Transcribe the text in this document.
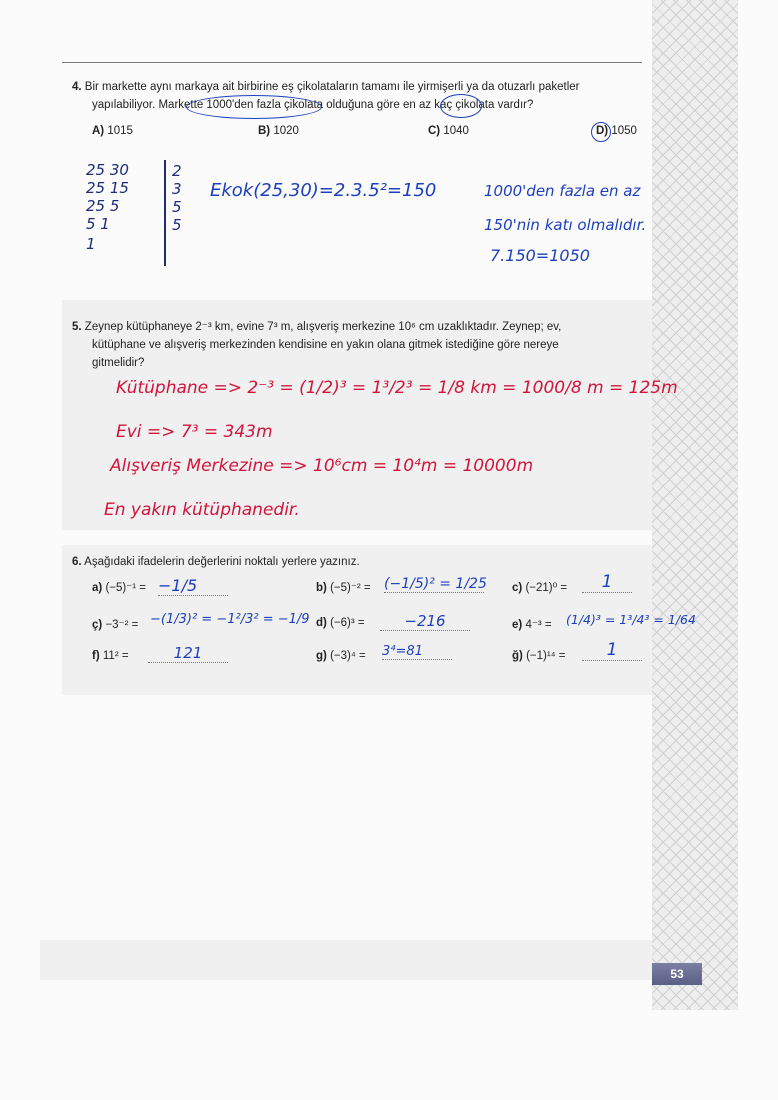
4. Bir markette aynı markaya ait birbirine eş çikolataların tamamı ile yirmişerli ya da otuzarlı paketler
yapılabiliyor. Markette 1000'den fazla çikolata olduğuna göre en az kaç çikolata vardır?
A) 1015	B) 1020	C) 1040	D) 1050
25 30
25 15
25 5
5 1
1
2
3
5
5
Ekok(25,30)=2.3.5²=150	1000'den fazla en az
150'nin katı olmalıdır.
7.150=1050
5. Zeynep kütüphaneye 2⁻³ km, evine 7³ m, alışveriş merkezine 10⁶ cm uzaklıktadır. Zeynep; ev,
kütüphane ve alışveriş merkezinden kendisine en yakın olana gitmek istediğine göre nereye
gitmelidir?
Kütüphane => 2⁻³ = (1/2)³ = 1³/2³ = 1/8 km = 1000/8 m = 125m
Evi => 7³ = 343m
Alışveriş Merkezine => 10⁶cm = 10⁴m = 10000m
En yakın kütüphanedir.
6. Aşağıdaki ifadelerin değerlerini noktalı yerlere yazınız.
a) (−5)⁻¹ = −1/5	b) (−5)⁻² = (−1/5)² = 1/25 c) (−21)⁰ =	1
ç) −3⁻² = −(1/3)² = −1²/3² = −1/9 d) (−6)³ =	−216	e) 4⁻³ = (1/4)³ = 1³/4³ = 1/64
f) 11² =	121	g) (−3)⁴ = 3⁴=81	ğ) (−1)¹⁴ =	1
53
